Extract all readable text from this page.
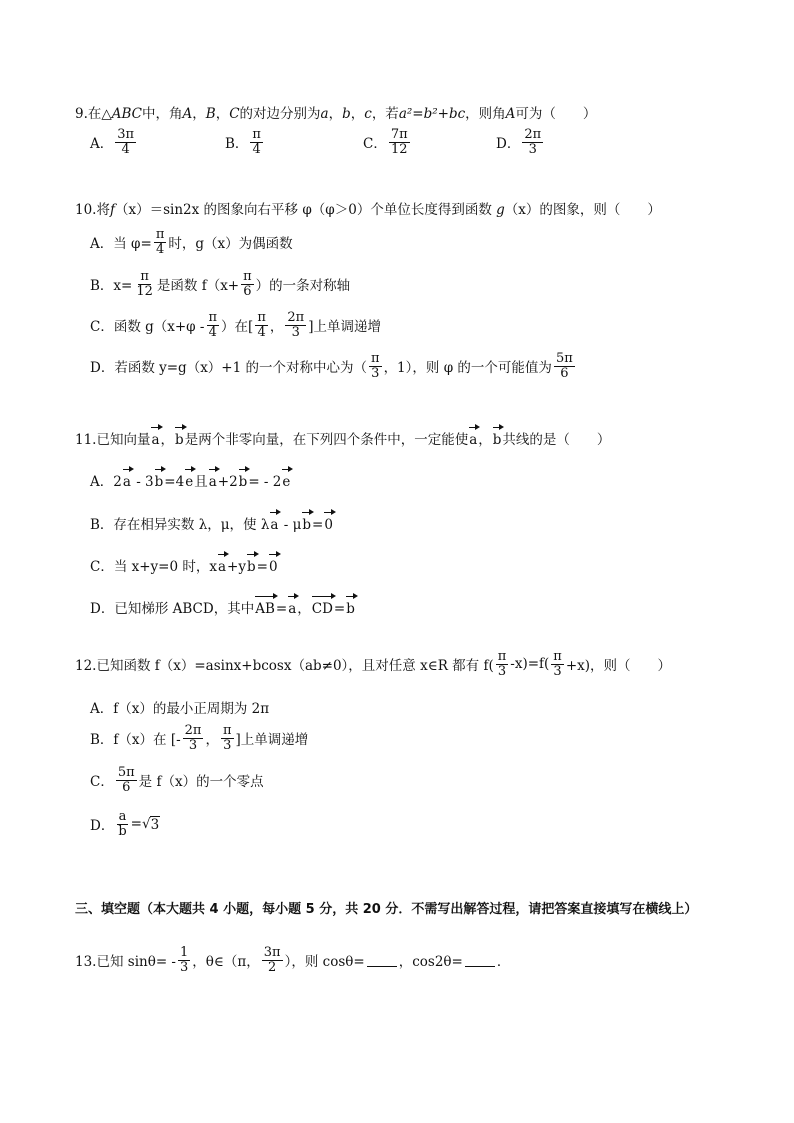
9.在△ABC中，角A，B，C的对边分别为a，b，c，若a²=b²+bc，则角A可为（　　）
A． $\frac{3\pi}{4}$	B． $\frac{\pi}{4}$	C． $\frac{7\pi}{12}$	D． $\frac{2\pi}{3}$
10.将f（x）＝sin2x 的图象向右平移 φ（φ＞0）个单位长度得到函数 g（x）的图象，则（　　）
A．当 $\varphi= \frac{\pi}{4}$ 时，g（x）为偶函数
B．$x= \frac{\pi}{12}$ 是函数 $f(x+ \frac{\pi}{6}$ ）的一条对称轴
C．函数 $g(x+\varphi - \frac{\pi}{4}$ ）在[ $\frac{\pi}{4}$ ， $\frac{2\pi}{3}$ ]上单调递增
D．若函数 y=g（x）+1 的一个对称中心为（ $\frac{\pi}{3}$ ，1），则 φ 的一个可能值为 $\frac{5\pi}{6}$
11.已知向量a，b是两个非零向量，在下列四个条件中，一定能使a，b共线的是（　　）
A．2a - 3b=4e且a+2b= - 2e
B．存在相异实数 λ，μ，使 λa - μb=0
C．当 x+y=0 时，xa+yb=0
D．已知梯形 ABCD，其中AB=a，CD=b
12.已知函数 f（x）=asinx+bcosx（ab≠0），且对任意 x∈R 都有 $f( \frac{\pi}{3} -x)=f( \frac{\pi}{3} +x)$，则（　　）
A．f（x）的最小正周期为 2π
B．f（x）在 [- $\frac{2\pi}{3}$ ， $\frac{\pi}{3}$ ]上单调递增
C． $\frac{5\pi}{6}$ 是 f（x）的一个零点
D． $\frac{a}{b}$ =√ 3
三、填空题（本大题共 4 小题，每小题 5 分，共 20 分．不需写出解答过程，请把答案直接填写在横线上）
13.已知 $\sin\theta= - \frac{1}{3}$ ，θ∈（π， $\frac{3\pi}{2}$ ），则 cosθ=	，cos2θ=	．
